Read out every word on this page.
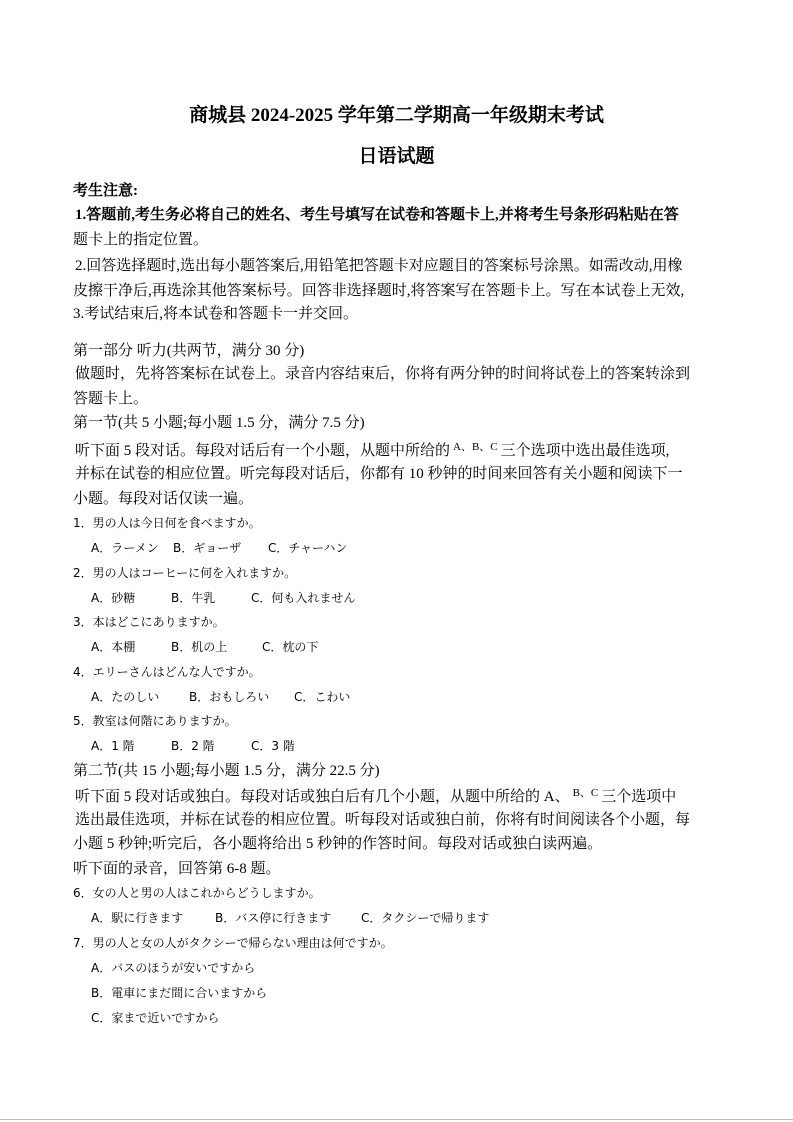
商城县 2024-2025 学年第二学期高一年级期末考试
日语试题
考生注意:
1.答题前,考生务必将自己的姓名、考生号填写在试卷和答题卡上,并将考生号条形码粘贴在答
题卡上的指定位置。
2.回答选择题时,选出每小题答案后,用铅笔把答题卡对应题目的答案标号涂黑。如需改动,用橡
皮擦干净后,再选涂其他答案标号。回答非选择题时,将答案写在答题卡上。写在本试卷上无效,
3.考试结束后,将本试卷和答题卡一并交回。
第一部分 听力(共两节，满分 30 分)
做题时，先将答案标在试卷上。录音内容结束后，你将有两分钟的时间将试卷上的答案转涂到
答题卡上。
第一节(共 5 小题;每小题 1.5 分，满分 7.5 分)
听下面 5 段对话。每段对话后有一个小题，从题中所给的 $^{A、B、C}$ 三个选项中选出最佳选项,
并标在试卷的相应位置。听完每段对话后，你都有 10 秒钟的时间来回答有关小题和阅读下一
小题。每段对话仅读一遍。
1．男の人は今日何を食べますか。
A．ラーメン B．ギョーザ C．チャーハン
2．男の人はコーヒーに何を入れますか。
A．砂糖	B．牛乳	C．何も入れません
3．本はどこにありますか。
A．本棚	B．机の上	C．枕の下
4．エリーさんはどんな人ですか。
A．たのしい B．おもしろい C．こわい
5．教室は何階にありますか。
A．1 階	B．2 階	C．3 階
第二节(共 15 小题;每小题 1.5 分，满分 22.5 分)
听下面 5 段对话或独白。每段对话或独白后有几个小题，从题中所给的 A、 $^{B、C}$ 三个选项中
选出最佳选项，并标在试卷的相应位置。听每段对话或独白前，你将有时间阅读各个小题，每
小题 5 秒钟;听完后，各小题将给出 5 秒钟的作答时间。每段对话或独白读两遍。
听下面的录音，回答第 6-8 题。
6．女の人と男の人はこれからどうしますか。
A．駅に行きます	B．バス停に行きます C．タクシーで帰ります
7．男の人と女の人がタクシーで帰らない理由は何ですか。
A．バスのほうが安いですから
B．電車にまだ間に合いますから
C．家まで近いですから
